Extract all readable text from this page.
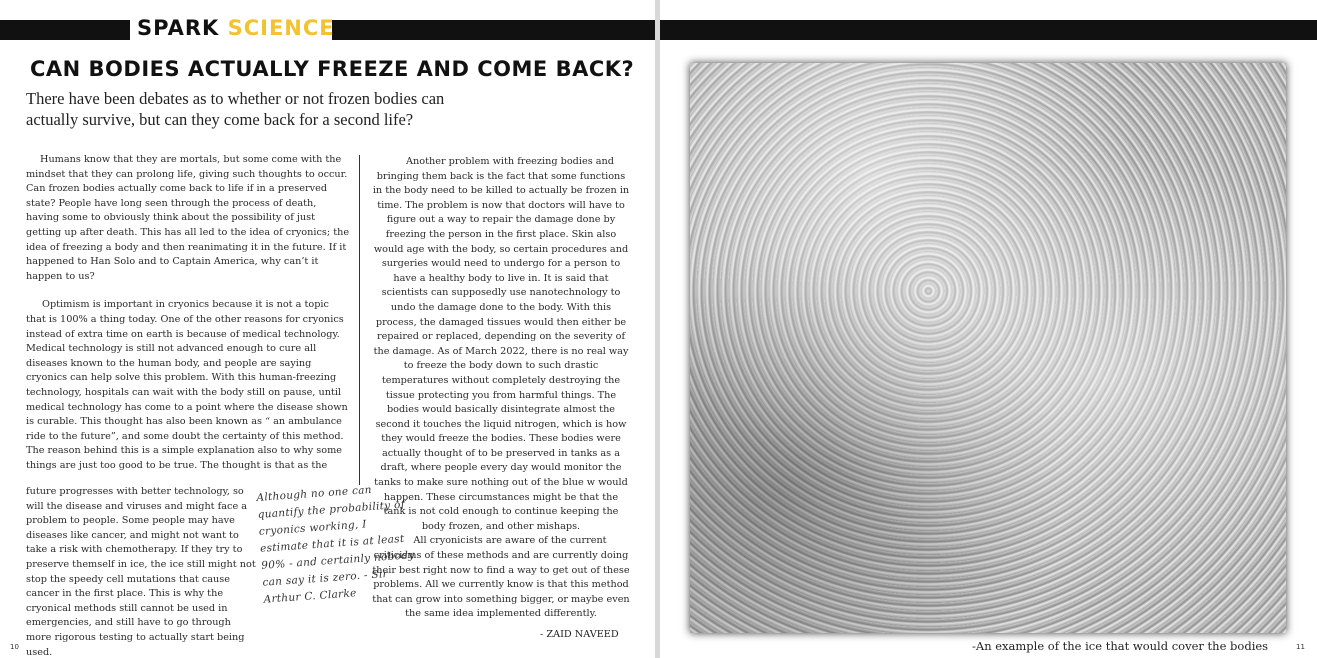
SPARK SCIENCE
CAN BODIES ACTUALLY FREEZE AND COME BACK?
There have been debates as to whether or not frozen bodies can actually survive, but can they come back for a second life?

Humans know that they are mortals, but some come with the mindset that they can prolong life, giving such thoughts to occur. Can frozen bodies actually come back to life if in a preserved state? People have long seen through the process of death, having some to obviously think about the possibility of just getting up after death. This has all led to the idea of cryonics; the idea of freezing a body and then reanimating it in the future. If it happened to Han Solo and to Captain America, why can’t it happen to us?

Optimism is important in cryonics because it is not a topic that is 100% a thing today. One of the other reasons for cryonics instead of extra time on earth is because of medical technology. Medical technology is still not advanced enough to cure all diseases known to the human body, and people are saying cryonics can help solve this problem. With this human-freezing technology, hospitals can wait with the body still on pause, until medical technology has come to a point where the disease shown is curable. This thought has also been known as “ an ambulance ride to the future”, and some doubt the certainty of this method. The reason behind this is a simple explanation also to why some things are just too good to be true. The thought is that as the

future progresses with better technology, so will the disease and viruses and might face a problem to people. Some people may have diseases like cancer, and might not want to take a risk with chemotherapy. If they try to preserve themself in ice, the ice still might not stop the speedy cell mutations that cause cancer in the first place. This is why the cryonical methods still cannot be used in emergencies, and still have to go through more rigorous testing to actually start being used.

Another problem with freezing bodies and bringing them back is the fact that some functions in the body need to be killed to actually be frozen in time. The problem is now that doctors will have to figure out a way to repair the damage done by freezing the person in the first place. Skin also would age with the body, so certain procedures and surgeries would need to undergo for a person to have a healthy body to live in. It is said that scientists can supposedly use nanotechnology to undo the damage done to the body. With this process, the damaged tissues would then either be repaired or replaced, depending on the severity of the damage. As of March 2022, there is no real way to freeze the body down to such drastic temperatures without completely destroying the tissue protecting you from harmful things. The bodies would basically disintegrate almost the second it touches the liquid nitrogen, which is how they would freeze the bodies. These bodies were actually thought of to be preserved in tanks as a draft, where people every day would monitor the tanks to make sure nothing out of the blue w would happen. These circumstances might be that the tank is not cold enough to continue keeping the body frozen, and other mishaps.

All cryonicists are aware of the current criticisms of these methods and are currently doing their best right now to find a way to get out of these problems. All we currently know is that this method that can grow into something bigger, or maybe even the same idea implemented differently.

Although no one can quantify the probability of cryonics working, I estimate that it is at least 90% - and certainly nobody can say it is zero. - Sir Arthur C. Clarke
- ZAID NAVEED
10	-An example of the ice that would cover the bodies	11
